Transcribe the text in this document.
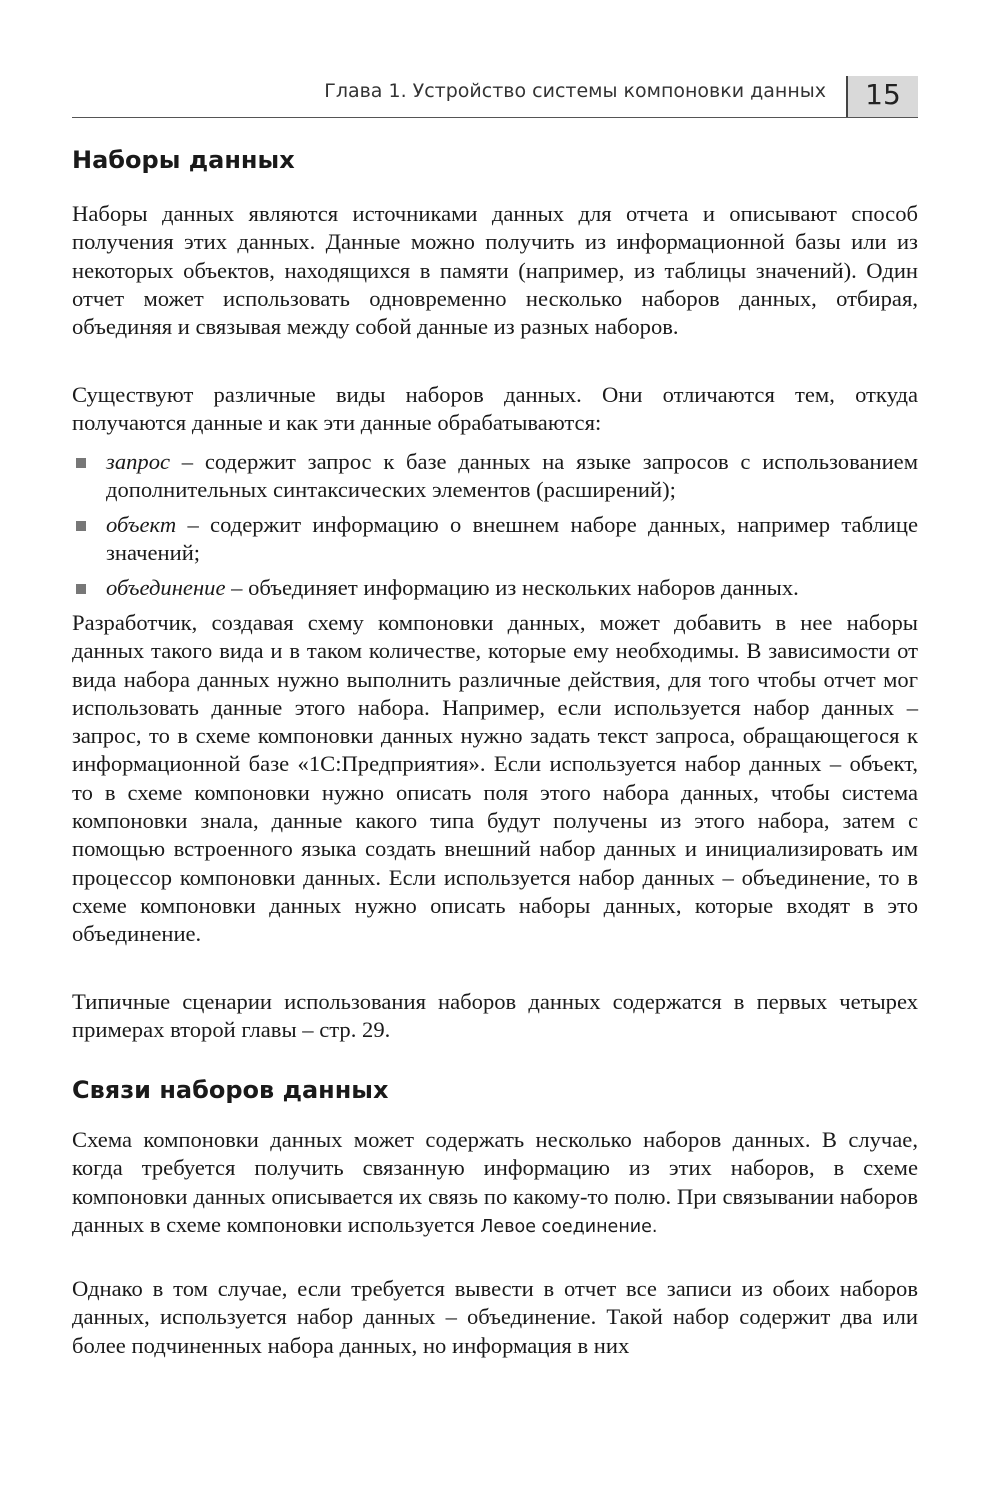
Глава 1. Устройство системы компоновки данных	15
Наборы данных

Наборы данных являются источниками данных для отчета и описывают способ получения этих данных. Данные можно получить из информационной базы или из некоторых объектов, находящихся в памяти (например, из таблицы значений). Один отчет может использовать одновременно несколько наборов данных, отбирая, объединяя и связывая между собой данные из разных наборов.

Существуют различные виды наборов данных. Они отличаются тем, откуда получаются данные и как эти данные обрабатываются:

запрос – содержит запрос к базе данных на языке запросов с использованием дополнительных синтаксических элементов (расширений);
объект – содержит информацию о внешнем наборе данных, например таблице значений;
объединение – объединяет информацию из нескольких наборов данных.

Разработчик, создавая схему компоновки данных, может добавить в нее наборы данных такого вида и в таком количестве, которые ему необходимы. В зависимости от вида набора данных нужно выполнить различные действия, для того чтобы отчет мог использовать данные этого набора. Например, если используется набор данных – запрос, то в схеме компоновки данных нужно задать текст запроса, обращающегося к информационной базе «1С:Предприятия». Если используется набор данных – объект, то в схеме компоновки нужно описать поля этого набора данных, чтобы система компоновки знала, данные какого типа будут получены из этого набора, затем с помощью встроенного языка создать внешний набор данных и инициализировать им процессор компоновки данных. Если используется набор данных – объединение, то в схеме компоновки данных нужно описать наборы данных, которые входят в это объединение.

Типичные сценарии использования наборов данных содержатся в первых четырех примерах второй главы – стр. 29.

Связи наборов данных

Схема компоновки данных может содержать несколько наборов данных. В случае, когда требуется получить связанную информацию из этих наборов, в схеме компоновки данных описывается их связь по какому-то полю. При связывании наборов данных в схеме компоновки используется Левое соединение.

Однако в том случае, если требуется вывести в отчет все записи из обоих наборов данных, используется набор данных – объединение. Такой набор содержит два или более подчиненных набора данных, но информация в них
